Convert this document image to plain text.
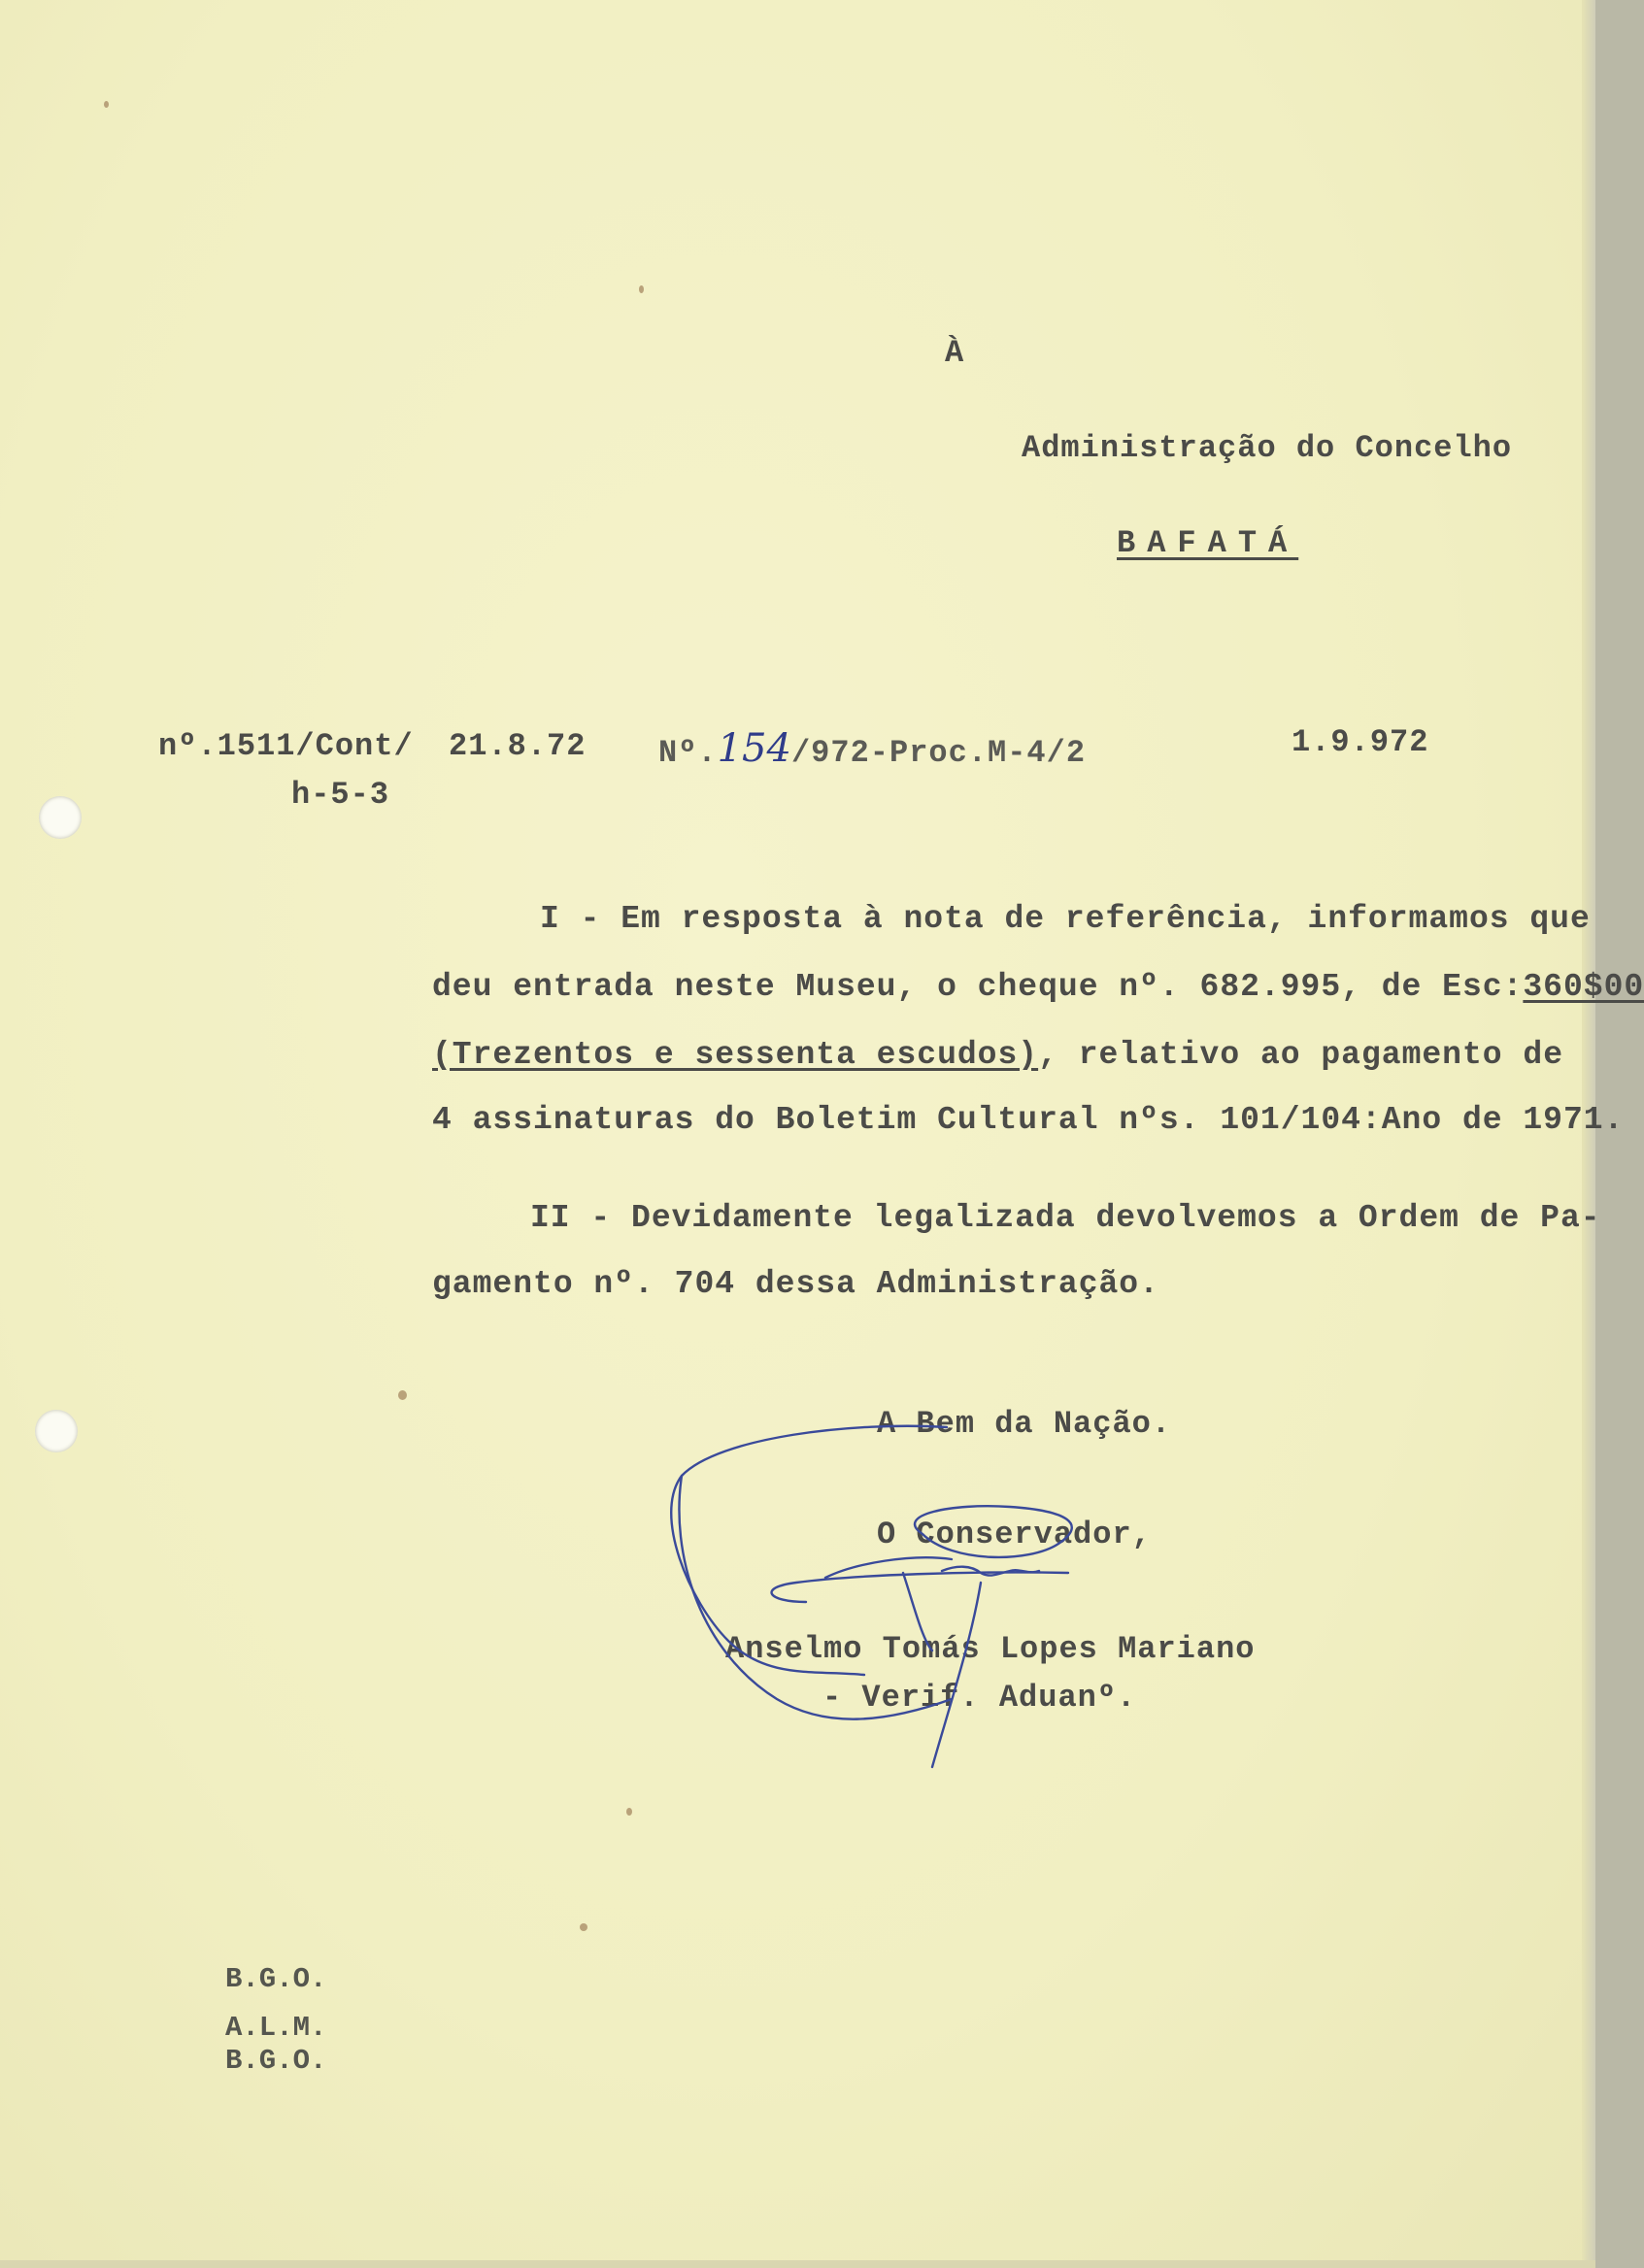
À
Administração do Concelho
BAFATÁ
nº.1511/Cont/
h-5-3
21.8.72 Nº.154/972-Proc.M-4/2	1.9.972
I - Em resposta à nota de referência, informamos que
deu entrada neste Museu, o cheque nº. 682.995, de Esc:360$00
(Trezentos e sessenta escudos), relativo ao pagamento de
4 assinaturas do Boletim Cultural nºs. 101/104:Ano de 1971.
II - Devidamente legalizada devolvemos a Ordem de Pa-
gamento nº. 704 dessa Administração.
A Bem da Nação.
O Conservador,
Anselmo Tomás Lopes Mariano
- Verif. Aduanº.
B.G.O.
A.L.M.
B.G.O.
